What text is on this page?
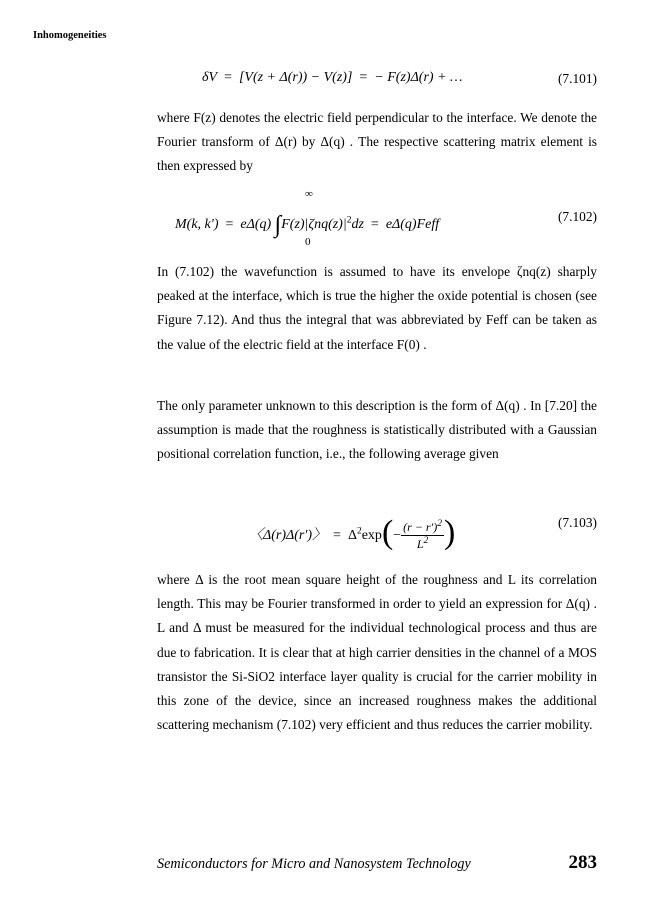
Inhomogeneities
δV = [V(z + Δ(r)) − V(z)] = − F(z)Δ(r) + …	(7.101)

where F(z) denotes the electric field perpendicular to the interface. We denote the Fourier transform of Δ(r) by Δ(q) . The respective scattering matrix element is then expressed by

∞
0
M(k, k′) = eΔ(q) $\int F(z)|\zeta nq(z)|^2dz$ = eΔ(q)Feff
(7.102)

In (7.102) the wavefunction is assumed to have its envelope ζnq(z) sharply peaked at the interface, which is true the higher the oxide potential is chosen (see Figure 7.12). And thus the integral that was abbreviated by Feff can be taken as the value of the electric field at the interface F(0) .

The only parameter unknown to this description is the form of Δ(q) . In [7.20] the assumption is made that the roughness is statistically distributed with a Gaussian positional correlation function, i.e., the following average given

〈Δ(r)Δ(r′)〉 = $\Delta^2\exp(- \frac{(r - r')^2}{L^2}$ )	(7.103)

where Δ is the root mean square height of the roughness and L its correlation length. This may be Fourier transformed in order to yield an expression for Δ(q) . L and Δ must be measured for the individual technological process and thus are due to fabrication. It is clear that at high carrier densities in the channel of a MOS transistor the Si-SiO2 interface layer quality is crucial for the carrier mobility in this zone of the device, since an increased roughness makes the additional scattering mechanism (7.102) very efficient and thus reduces the carrier mobility.

Semiconductors for Micro and Nanosystem Technology	283
